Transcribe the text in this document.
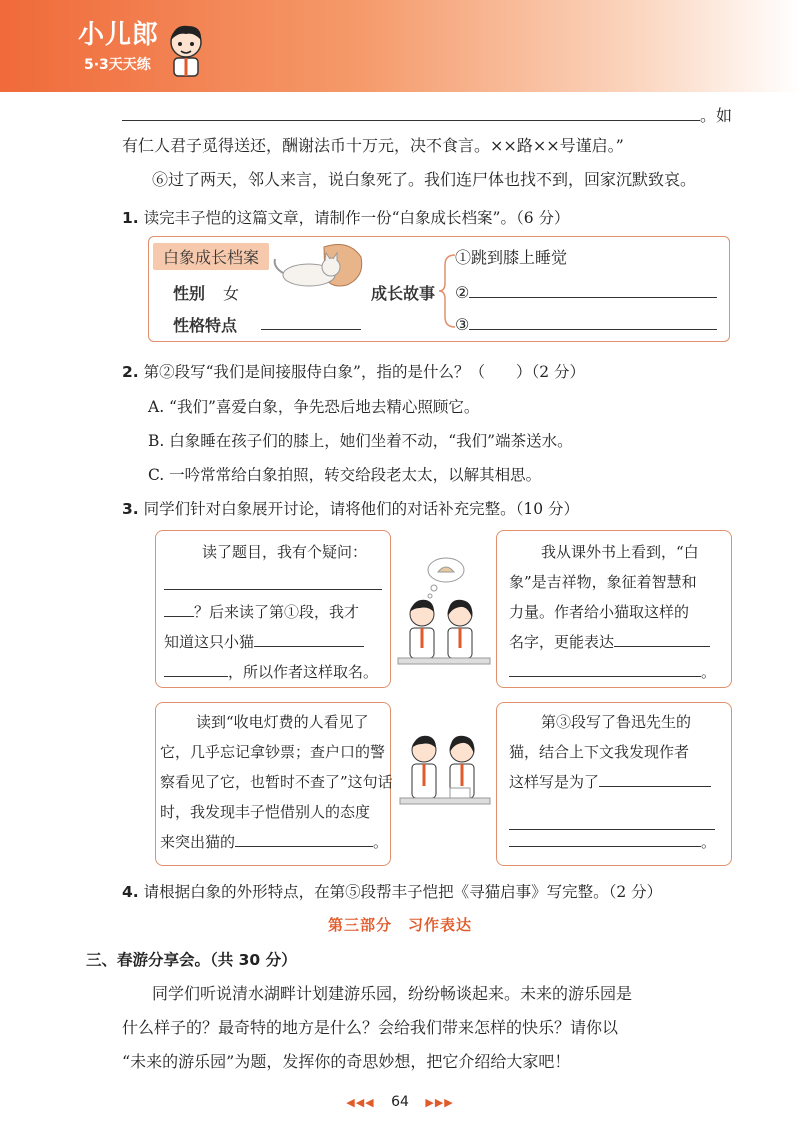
小儿郎
5·3天天练
。如
有仁人君子觅得送还，酬谢法币十万元，决不食言。××路××号谨启。”
⑥过了两天，邻人来言，说白象死了。我们连尸体也找不到，回家沉默致哀。
1. 读完丰子恺的这篇文章，请制作一份“白象成长档案”。（6 分）
白象成长档案
性别 女
性格特点
成长故事
①跳到膝上睡觉
②
③
2. 第②段写“我们是间接服侍白象”，指的是什么？（　　）（2 分）
A. “我们”喜爱白象，争先恐后地去精心照顾它。
B. 白象睡在孩子们的膝上，她们坐着不动，“我们”端茶送水。
C. 一吟常常给白象拍照，转交给段老太太，以解其相思。
3. 同学们针对白象展开讨论，请将他们的对话补充完整。（10 分）
读了题目，我有个疑问：
？后来读了第①段，我才
知道这只小猫
，所以作者这样取名。
我从课外书上看到，“白
象”是吉祥物，象征着智慧和
力量。作者给小猫取这样的
名字，更能表达
。
读到“收电灯费的人看见了
它，几乎忘记拿钞票；查户口的警
察看见了它，也暂时不查了”这句话
时，我发现丰子恺借别人的态度
来突出猫的	。
第③段写了鲁迅先生的
猫，结合上下文我发现作者
这样写是为了
。
4. 请根据白象的外形特点，在第⑤段帮丰子恺把《寻猫启事》写完整。（2 分）
第三部分　习作表达
三、春游分享会。（共 30 分）
同学们听说清水湖畔计划建游乐园，纷纷畅谈起来。未来的游乐园是
什么样子的？最奇特的地方是什么？会给我们带来怎样的快乐？请你以
“未来的游乐园”为题，发挥你的奇思妙想，把它介绍给大家吧！
◀◀◀ 64 ▶▶▶
